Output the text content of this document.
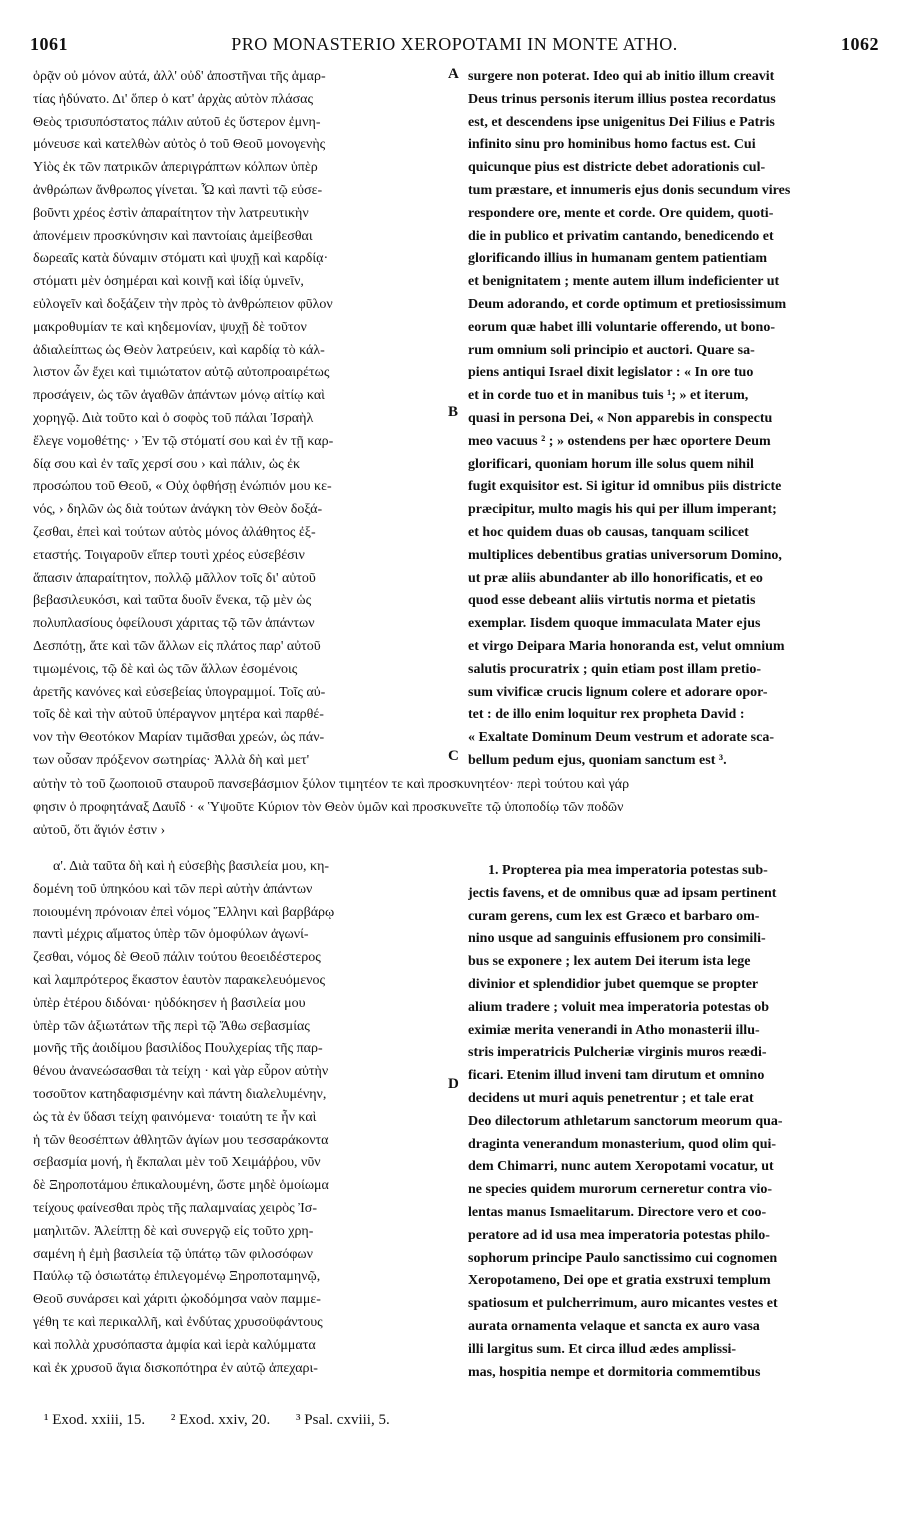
1061	PRO MONASTERIO XEROPOTAMI IN MONTE ATHO.	1062
ὁρᾷν οὐ μόνον αὐτά, ἀλλ' οὐδ' ἀποστῆναι τῆς ἁμαρ-
τίας ἠδύνατο. Δι' ὅπερ ὁ κατ' ἀρχὰς αὐτὸν πλάσας
Θεὸς τρισυπόστατος πάλιν αὐτοῦ ἐς ὕστερον ἐμνη-
μόνευσε καὶ κατελθὼν αὐτὸς ὁ τοῦ Θεοῦ μονογενὴς
Υἱὸς ἐκ τῶν πατρικῶν ἀπεριγράπτων κόλπων ὑπὲρ
ἀνθρώπων ἄνθρωπος γίνεται. Ὧ καὶ παντὶ τῷ εὐσε-
βοῦντι χρέος ἐστὶν ἀπαραίτητον τὴν λατρευτικὴν
ἀπονέμειν προσκύνησιν καὶ παντοίαις ἀμείβεσθαι
δωρεαῖς κατὰ δύναμιν στόματι καὶ ψυχῇ καὶ καρδίᾳ·
στόματι μὲν ὁσημέραι καὶ κοινῇ καὶ ἰδίᾳ ὑμνεῖν,
εὐλογεῖν καὶ δοξάζειν τὴν πρὸς τὸ ἀνθρώπειον φῦλον
μακροθυμίαν τε καὶ κηδεμονίαν, ψυχῇ δὲ τοῦτον
ἀδιαλείπτως ὡς Θεὸν λατρεύειν, καὶ καρδίᾳ τὸ κάλ-
λιστον ὧν ἔχει καὶ τιμιώτατον αὐτῷ αὐτοπροαιρέτως
προσάγειν, ὡς τῶν ἀγαθῶν ἁπάντων μόνῳ αἰτίῳ καὶ
χορηγῷ. Διὰ τοῦτο καὶ ὁ σοφὸς τοῦ πάλαι Ἰσραὴλ
ἔλεγε νομοθέτης· › Ἐν τῷ στόματί σου καὶ ἐν τῇ καρ-
δίᾳ σου καὶ ἐν ταῖς χερσί σου › καὶ πάλιν, ὡς ἐκ
προσώπου τοῦ Θεοῦ, « Οὐχ ὀφθήσῃ ἐνώπιόν μου κε-
νός, › δηλῶν ὡς διὰ τούτων ἀνάγκη τὸν Θεὸν δοξά-
ζεσθαι, ἐπεὶ καὶ τούτων αὐτὸς μόνος ἀλάθητος ἐξ-
εταστής. Τοιγαροῦν εἴπερ τουτὶ χρέος εὐσεβέσιν
ἅπασιν ἀπαραίτητον, πολλῷ μᾶλλον τοῖς δι' αὐτοῦ
βεβασιλευκόσι, καὶ ταῦτα δυοῖν ἕνεκα, τῷ μὲν ὡς
πολυπλασίους ὀφείλουσι χάριτας τῷ τῶν ἁπάντων
Δεσπότῃ, ἅτε καὶ τῶν ἄλλων εἰς πλάτος παρ' αὐτοῦ
τιμωμένοις, τῷ δὲ καὶ ὡς τῶν ἄλλων ἐσομένοις
ἀρετῆς κανόνες καὶ εὐσεβείας ὑπογραμμοί. Τοῖς αὐ-
τοῖς δὲ καὶ τὴν αὐτοῦ ὑπέραγνον μητέρα καὶ παρθέ-
νον τὴν Θεοτόκον Μαρίαν τιμᾶσθαι χρεών, ὡς πάν-
των οὖσαν πρόξενον σωτηρίας· Ἀλλὰ δὴ καὶ μετ'
surgere non poterat. Ideo qui ab initio illum creavit
Deus trinus personis iterum illius postea recordatus
est, et descendens ipse unigenitus Dei Filius e Patris
infinito sinu pro hominibus homo factus est. Cui
quicunque pius est districte debet adorationis cul-
tum præstare, et innumeris ejus donis secundum vires
respondere ore, mente et corde. Ore quidem, quoti-
die in publico et privatim cantando, benedicendo et
glorificando illius in humanam gentem patientiam
et benignitatem ; mente autem illum indeficienter ut
Deum adorando, et corde optimum et pretiosissimum
eorum quæ habet illi voluntarie offerendo, ut bono-
rum omnium soli principio et auctori. Quare sa-
piens antiqui Israel dixit legislator : « In ore tuo
et in corde tuo et in manibus tuis ¹; » et iterum,
quasi in persona Dei, « Non apparebis in conspectu
meo vacuus ² ; » ostendens per hæc oportere Deum
glorificari, quoniam horum ille solus quem nihil
fugit exquisitor est. Si igitur id omnibus piis districte
præcipitur, multo magis his qui per illum imperant;
et hoc quidem duas ob causas, tanquam scilicet
multiplices debentibus gratias universorum Domino,
ut præ aliis abundanter ab illo honorificatis, et eo
quod esse debeant aliis virtutis norma et pietatis
exemplar. Iisdem quoque immaculata Mater ejus
et virgo Deipara Maria honoranda est, velut omnium
salutis procuratrix ; quin etiam post illam pretio-
sum vivificæ crucis lignum colere et adorare opor-
tet : de illo enim loquitur rex propheta David :
« Exaltate Dominum Deum vestrum et adorate sca-
bellum pedum ejus, quoniam sanctum est ³.
αὐτὴν τὸ τοῦ ζωοποιοῦ σταυροῦ πανσεβάσμιον ξύλον τιμητέον τε καὶ προσκυνητέον· περὶ τούτου καὶ γάρ
φησιν ὁ προφητάναξ Δαυΐδ · « Ὑψοῦτε Κύριον τὸν Θεὸν ὑμῶν καὶ προσκυνεῖτε τῷ ὑποποδίῳ τῶν ποδῶν
αὐτοῦ, ὅτι ἅγιόν ἐστιν ›
α'. Διὰ ταῦτα δὴ καὶ ἡ εὐσεβὴς βασιλεία μου, κη-
δομένη τοῦ ὑπηκόου καὶ τῶν περὶ αὐτὴν ἁπάντων
ποιουμένη πρόνοιαν ἐπεὶ νόμος Ἕλληνι καὶ βαρβάρῳ
παντὶ μέχρις αἵματος ὑπὲρ τῶν ὁμοφύλων ἀγωνί-
ζεσθαι, νόμος δὲ Θεοῦ πάλιν τούτου θεοειδέστερος
καὶ λαμπρότερος ἕκαστον ἑαυτὸν παρακελευόμενος
ὑπὲρ ἑτέρου διδόναι· ηὐδόκησεν ἡ βασιλεία μου
ὑπὲρ τῶν ἀξιωτάτων τῆς περὶ τῷ Ἄθω σεβασμίας
μονῆς τῆς ἀοιδίμου βασιλίδος Πουλχερίας τῆς παρ-
θένου ἀνανεώσασθαι τὰ τείχη · καὶ γὰρ εὗρον αὐτὴν
τοσοῦτον κατηδαφισμένην καὶ πάντη διαλελυμένην,
ὡς τὰ ἐν ὕδασι τείχη φαινόμενα· τοιαύτη τε ἦν καὶ
ἡ τῶν θεοσέπτων ἀθλητῶν ἁγίων μου τεσσαράκοντα
σεβασμία μονή, ἡ ἔκπαλαι μὲν τοῦ Χειμάῤῥου, νῦν
δὲ Ξηροποτάμου ἐπικαλουμένη, ὥστε μηδὲ ὁμοίωμα
τείχους φαίνεσθαι πρὸς τῆς παλαμναίας χειρὸς Ἰσ-
μαηλιτῶν. Ἀλείπτῃ δὲ καὶ συνεργῷ εἰς τοῦτο χρη-
σαμένη ἡ ἐμὴ βασιλεία τῷ ὑπάτῳ τῶν φιλοσόφων
Παύλῳ τῷ ὁσιωτάτῳ ἐπιλεγομένῳ Ξηροποταμηνῷ,
Θεοῦ συνάρσει καὶ χάριτι ᾠκοδόμησα ναὸν παμμε-
γέθη τε καὶ περικαλλῆ, καὶ ἐνδύτας χρυσοϋφάντους
καὶ πολλὰ χρυσόπαστα ἀμφία καὶ ἱερὰ καλύμματα
καὶ ἐκ χρυσοῦ ἅγια δισκοπότηρα ἐν αὐτῷ ἀπεχαρι-
1. Propterea pia mea imperatoria potestas sub-
jectis favens, et de omnibus quæ ad ipsam pertinent
curam gerens, cum lex est Græco et barbaro om-
nino usque ad sanguinis effusionem pro consimili-
bus se exponere ; lex autem Dei iterum ista lege
divinior et splendidior jubet quemque se propter
alium tradere ; voluit mea imperatoria potestas ob
eximiæ merita venerandi in Atho monasterii illu-
stris imperatricis Pulcheriæ virginis muros reædi-
ficari. Etenim illud inveni tam dirutum et omnino
decidens ut muri aquis penetrentur ; et tale erat
Deo dilectorum athletarum sanctorum meorum qua-
draginta venerandum monasterium, quod olim qui-
dem Chimarri, nunc autem Xeropotami vocatur, ut
ne species quidem murorum cerneretur contra vio-
lentas manus Ismaelitarum. Directore vero et coo-
peratore ad id usa mea imperatoria potestas philo-
sophorum principe Paulo sanctissimo cui cognomen
Xeropotameno, Dei ope et gratia exstruxi templum
spatiosum et pulcherrimum, auro micantes vestes et
aurata ornamenta velaque et sancta ex auro vasa
illi largitus sum. Et circa illud ædes amplissi-
mas, hospitia nempe et dormitoria commemtibus
A
B
C
D
¹ Exod. xxiii, 15. ² Exod. xxiv, 20. ³ Psal. cxviii, 5.
